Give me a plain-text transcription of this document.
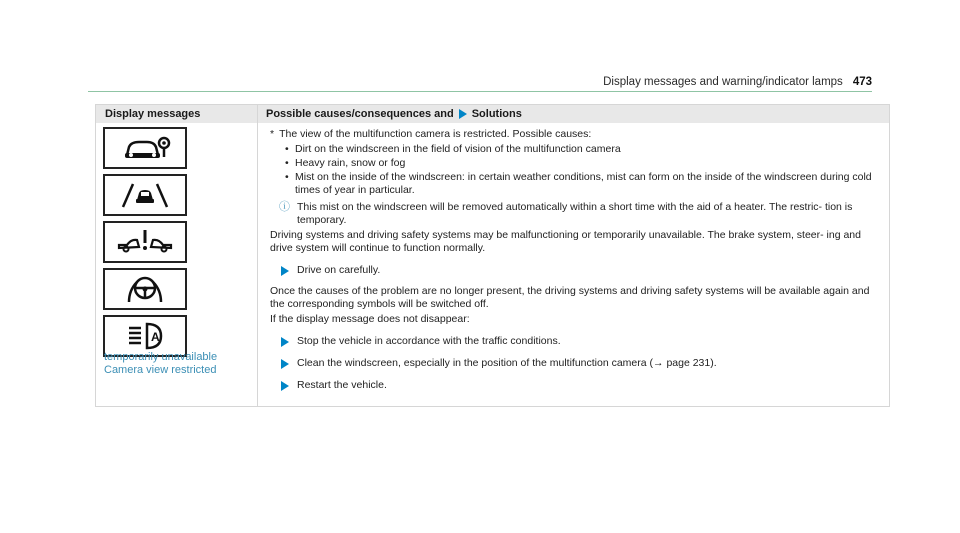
Display messages and warning/indicator lamps 473
Display messages	Possible causes/consequences and Solutions
A
temporarily unavailable
Camera view restricted
* The view of the multifunction camera is restricted. Possible causes:
• Dirt on the windscreen in the field of vision of the multifunction camera
• Heavy rain, snow or fog
• Mist on the inside of the windscreen: in certain weather conditions, mist can form on the inside of the windscreen during cold times of year in particular.
ⓘ This mist on the windscreen will be removed automatically within a short time with the aid of a heater. The restric- tion is temporary.

Driving systems and driving safety systems may be malfunctioning or temporarily unavailable. The brake system, steer- ing and drive system will continue to function normally.

Drive on carefully.

Once the causes of the problem are no longer present, the driving systems and driving safety systems will be available again and the corresponding symbols will be switched off.

If the display message does not disappear:

Stop the vehicle in accordance with the traffic conditions.
Clean the windscreen, especially in the position of the multifunction camera (→ page 231).
Restart the vehicle.
